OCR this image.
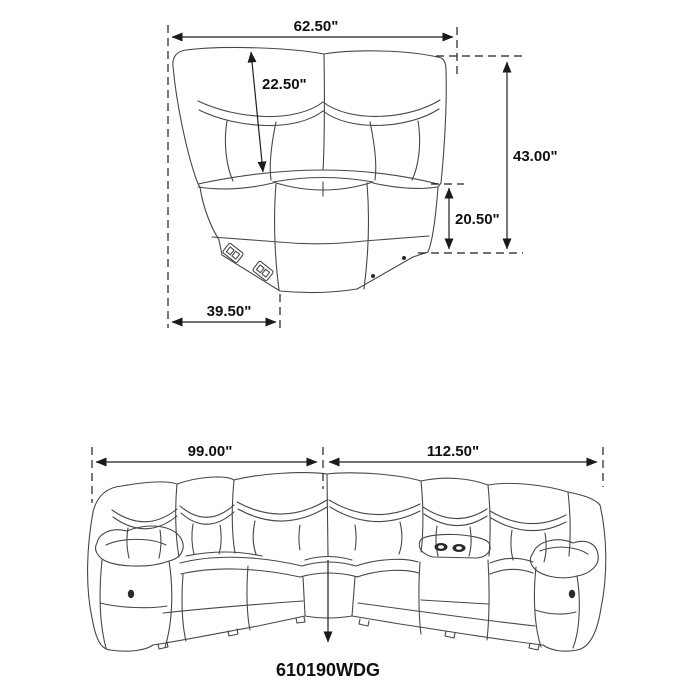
62.50"
22.50"
43.00"
20.50"
39.50"
99.00"	112.50"
610190WDG
